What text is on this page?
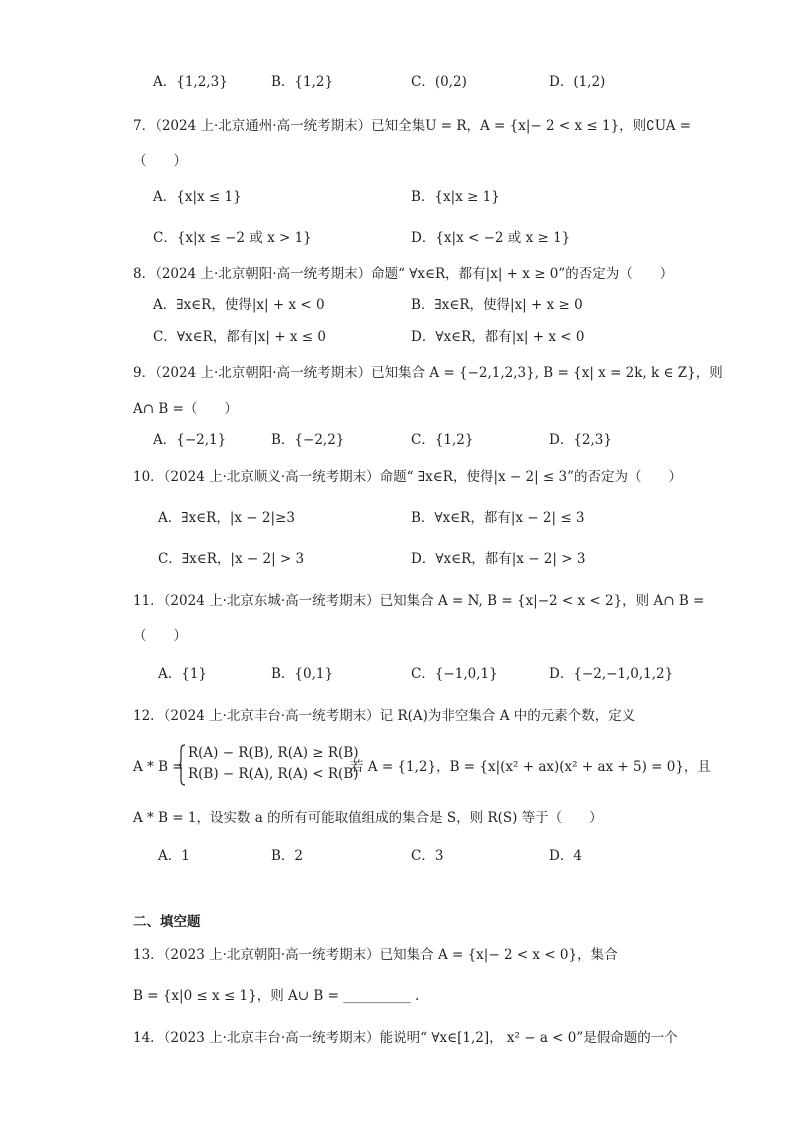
A．{1,2,3}	B．{1,2}	C．(0,2)	D．(1,2)
7．（2024 上·北京通州·高一统考期末）已知全集U = R，A = {x|− 2 < x ≤ 1}，则∁UA =
（　　）
A．{x|x ≤ 1}	B．{x|x ≥ 1}
C．{x|x ≤ −2 或 x > 1}	D．{x|x < −2 或 x ≥ 1}
8．（2024 上·北京朝阳·高一统考期末）命题“ ∀x∈R，都有|x| + x ≥ 0”的否定为（　　）
A．∃x∈R，使得|x| + x < 0	B．∃x∈R，使得|x| + x ≥ 0
C．∀x∈R，都有|x| + x ≤ 0	D．∀x∈R，都有|x| + x < 0
9．（2024 上·北京朝阳·高一统考期末）已知集合 A = {−2,1,2,3}, B = {x| x = 2k, k ∈ Z}，则
A∩ B =（　　）
A．{−2,1}	B．{−2,2}	C．{1,2}	D．{2,3}
10．（2024 上·北京顺义·高一统考期末）命题“ ∃x∈R，使得|x − 2| ≤ 3”的否定为（　　）
A．∃x∈R，|x − 2|≥3	B．∀x∈R，都有|x − 2| ≤ 3
C．∃x∈R，|x − 2| > 3	D．∀x∈R，都有|x − 2| > 3
11．（2024 上·北京东城·高一统考期末）已知集合 A = N, B = {x|−2 < x < 2}，则 A∩ B =
（　　）
A．{1}	B．{0,1}	C．{−1,0,1}	D．{−2,−1,0,1,2}
12．（2024 上·北京丰台·高一统考期末）记 R(A)为非空集合 A 中的元素个数，定义
A * B =
R(A) − R(B), R(A) ≥ R(B)
R(B) − R(A), R(A) < R(B)
若 A = {1,2}，B = {x|(x² + ax)(x² + ax + 5) = 0}，且
A * B = 1，设实数 a 的所有可能取值组成的集合是 S，则 R(S) 等于（　　）
A．1	B．2	C．3	D．4
二、填空题
13．（2023 上·北京朝阳·高一统考期末）已知集合 A = {x|− 2 < x < 0}，集合
B = {x|0 ≤ x ≤ 1}，则 A∪ B = __________ .
14．（2023 上·北京丰台·高一统考期末）能说明“ ∀x∈[1,2]， x² − a < 0”是假命题的一个
